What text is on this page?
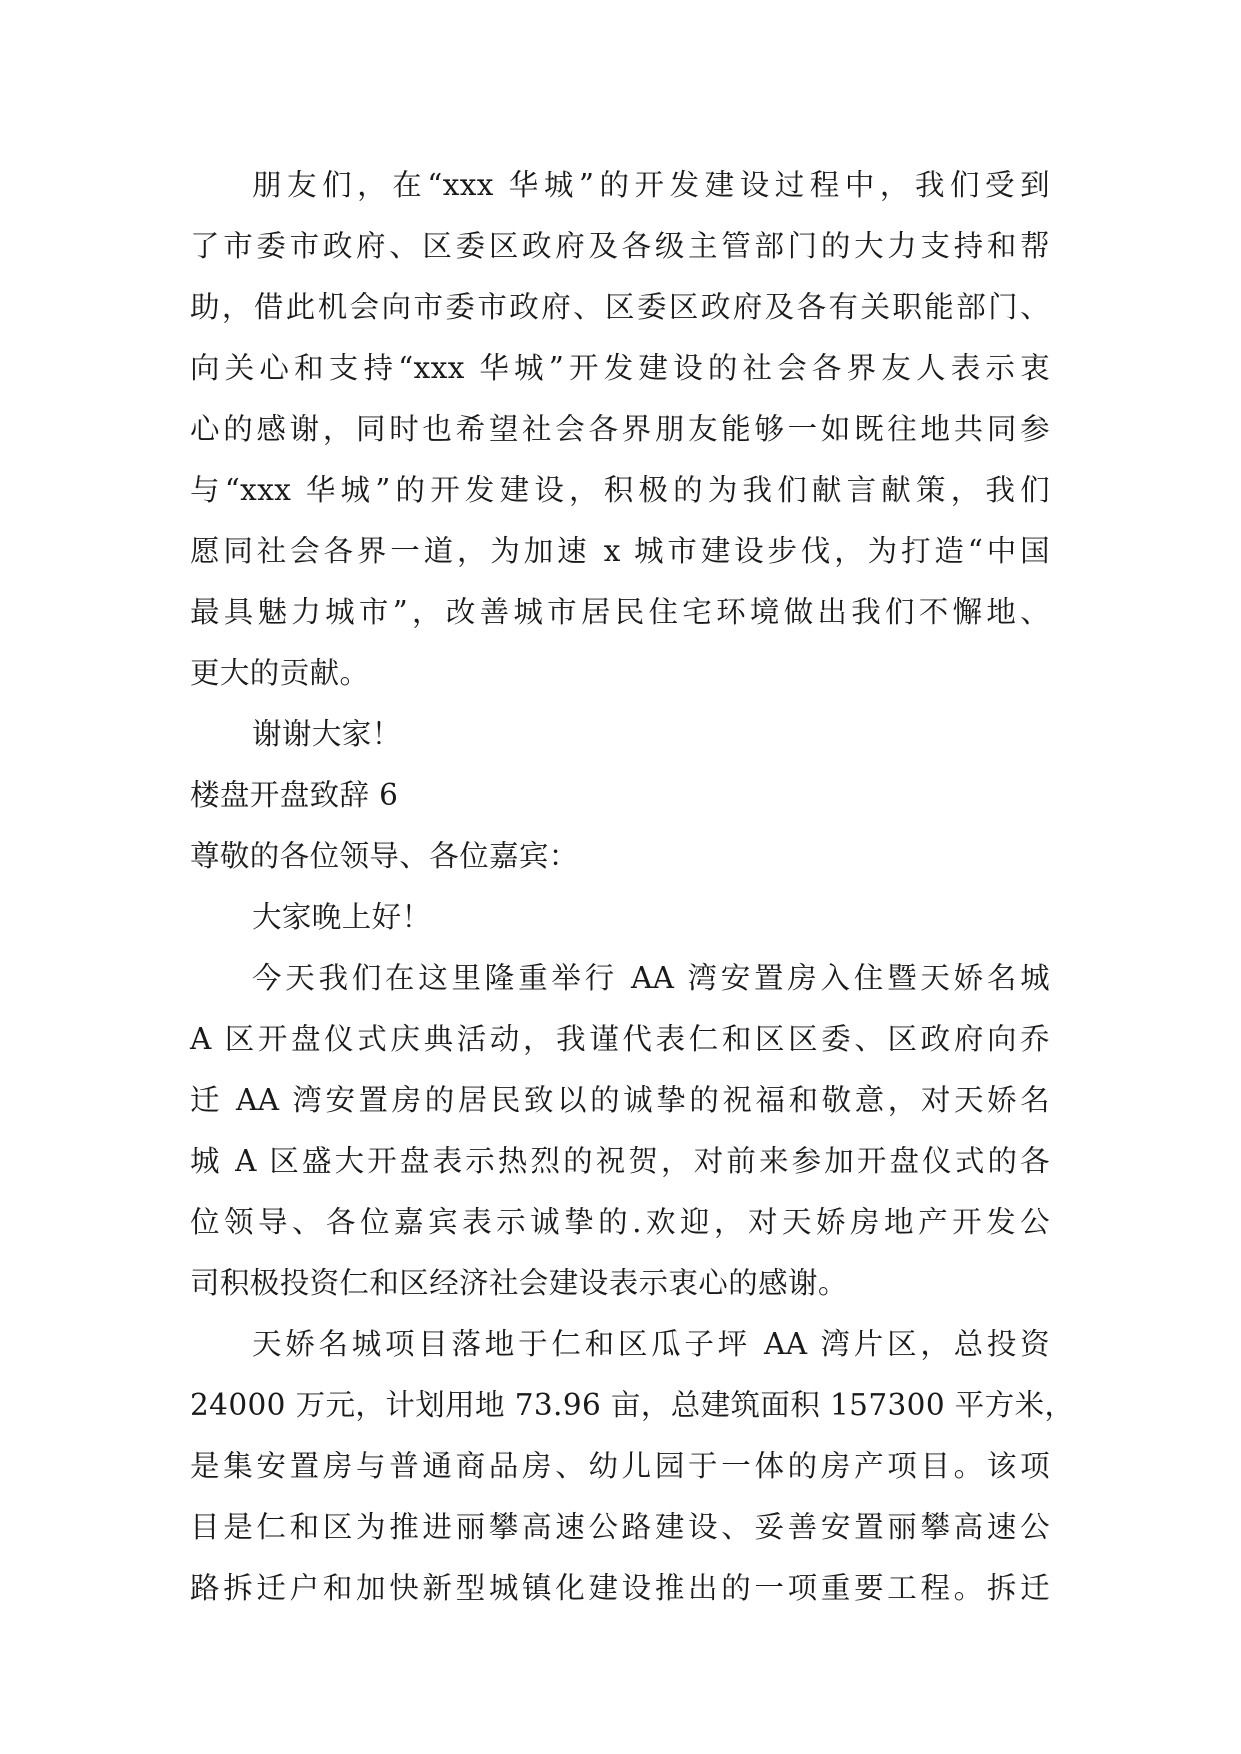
朋友们，在“xxx 华城”的开发建设过程中，我们受到
了市委市政府、区委区政府及各级主管部门的大力支持和帮
助，借此机会向市委市政府、区委区政府及各有关职能部门、
向关心和支持“xxx 华城”开发建设的社会各界友人表示衷
心的感谢，同时也希望社会各界朋友能够一如既往地共同参
与“xxx 华城”的开发建设，积极的为我们献言献策，我们
愿同社会各界一道，为加速 x 城市建设步伐，为打造“中国
最具魅力城市”，改善城市居民住宅环境做出我们不懈地、
更大的贡献。
谢谢大家！
楼盘开盘致辞 6
尊敬的各位领导、各位嘉宾：
大家晚上好！
今天我们在这里隆重举行 AA 湾安置房入住暨天娇名城
A 区开盘仪式庆典活动，我谨代表仁和区区委、区政府向乔
迁 AA 湾安置房的居民致以的诚挚的祝福和敬意，对天娇名
城 A 区盛大开盘表示热烈的祝贺，对前来参加开盘仪式的各
位领导、各位嘉宾表示诚挚的.欢迎，对天娇房地产开发公
司积极投资仁和区经济社会建设表示衷心的感谢。
天娇名城项目落地于仁和区瓜子坪 AA 湾片区，总投资
24000 万元，计划用地 73.96 亩，总建筑面积 157300 平方米，
是集安置房与普通商品房、幼儿园于一体的房产项目。该项
目是仁和区为推进丽攀高速公路建设、妥善安置丽攀高速公
路拆迁户和加快新型城镇化建设推出的一项重要工程。拆迁
